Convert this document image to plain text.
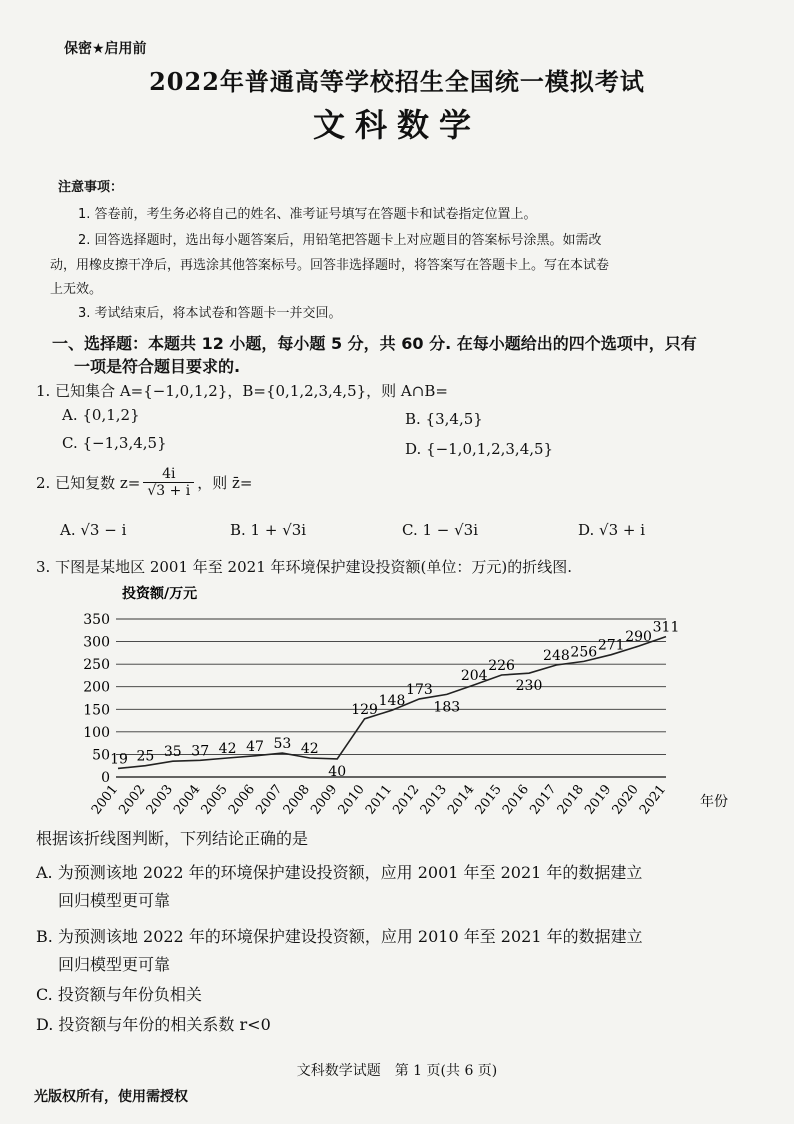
保密★启用前
2022年普通高等学校招生全国统一模拟考试
文科数学
注意事项：
1. 答卷前，考生务必将自己的姓名、准考证号填写在答题卡和试卷指定位置上。
2. 回答选择题时，选出每小题答案后，用铅笔把答题卡上对应题目的答案标号涂黑。如需改
动，用橡皮擦干净后，再选涂其他答案标号。回答非选择题时，将答案写在答题卡上。写在本试卷
上无效。
3. 考试结束后，将本试卷和答题卡一并交回。
一、选择题：本题共 12 小题，每小题 5 分，共 60 分. 在每小题给出的四个选项中，只有
一项是符合题目要求的.
1. 已知集合 A={−1,0,1,2}，B={0,1,2,3,4,5}，则 A∩B=
A. {0,1,2}	B. {3,4,5}
C. {−1,3,4,5}	D. {−1,0,1,2,3,4,5}
2. 已知复数 $z= \frac{4i}{√3 + i}$ ，则 z̄=
A. √3 − i	B. 1 + √3i	C. 1 − √3i	D. √3 + i
3. 下图是某地区 2001 年至 2021 年环境保护建设投资额(单位：万元)的折线图.
投资额/万元
年份
0
50
100
150
200
250
300
350
2001
2002
2003
2004
2005
2006
2007
2008
2009
2010
2011
2012
2013
2014
2015
2016
2017
2018
2019
2020
2021
19 25 35 37 42 47 53 42
40
129
148
173
183
204
226
230
248 256 271
290
311
根据该折线图判断，下列结论正确的是
A. 为预测该地 2022 年的环境保护建设投资额，应用 2001 年至 2021 年的数据建立
回归模型更可靠
B. 为预测该地 2022 年的环境保护建设投资额，应用 2010 年至 2021 年的数据建立
回归模型更可靠
C. 投资额与年份负相关
D. 投资额与年份的相关系数 r<0
文科数学试题　第 1 页(共 6 页)
光版权所有，使用需授权
